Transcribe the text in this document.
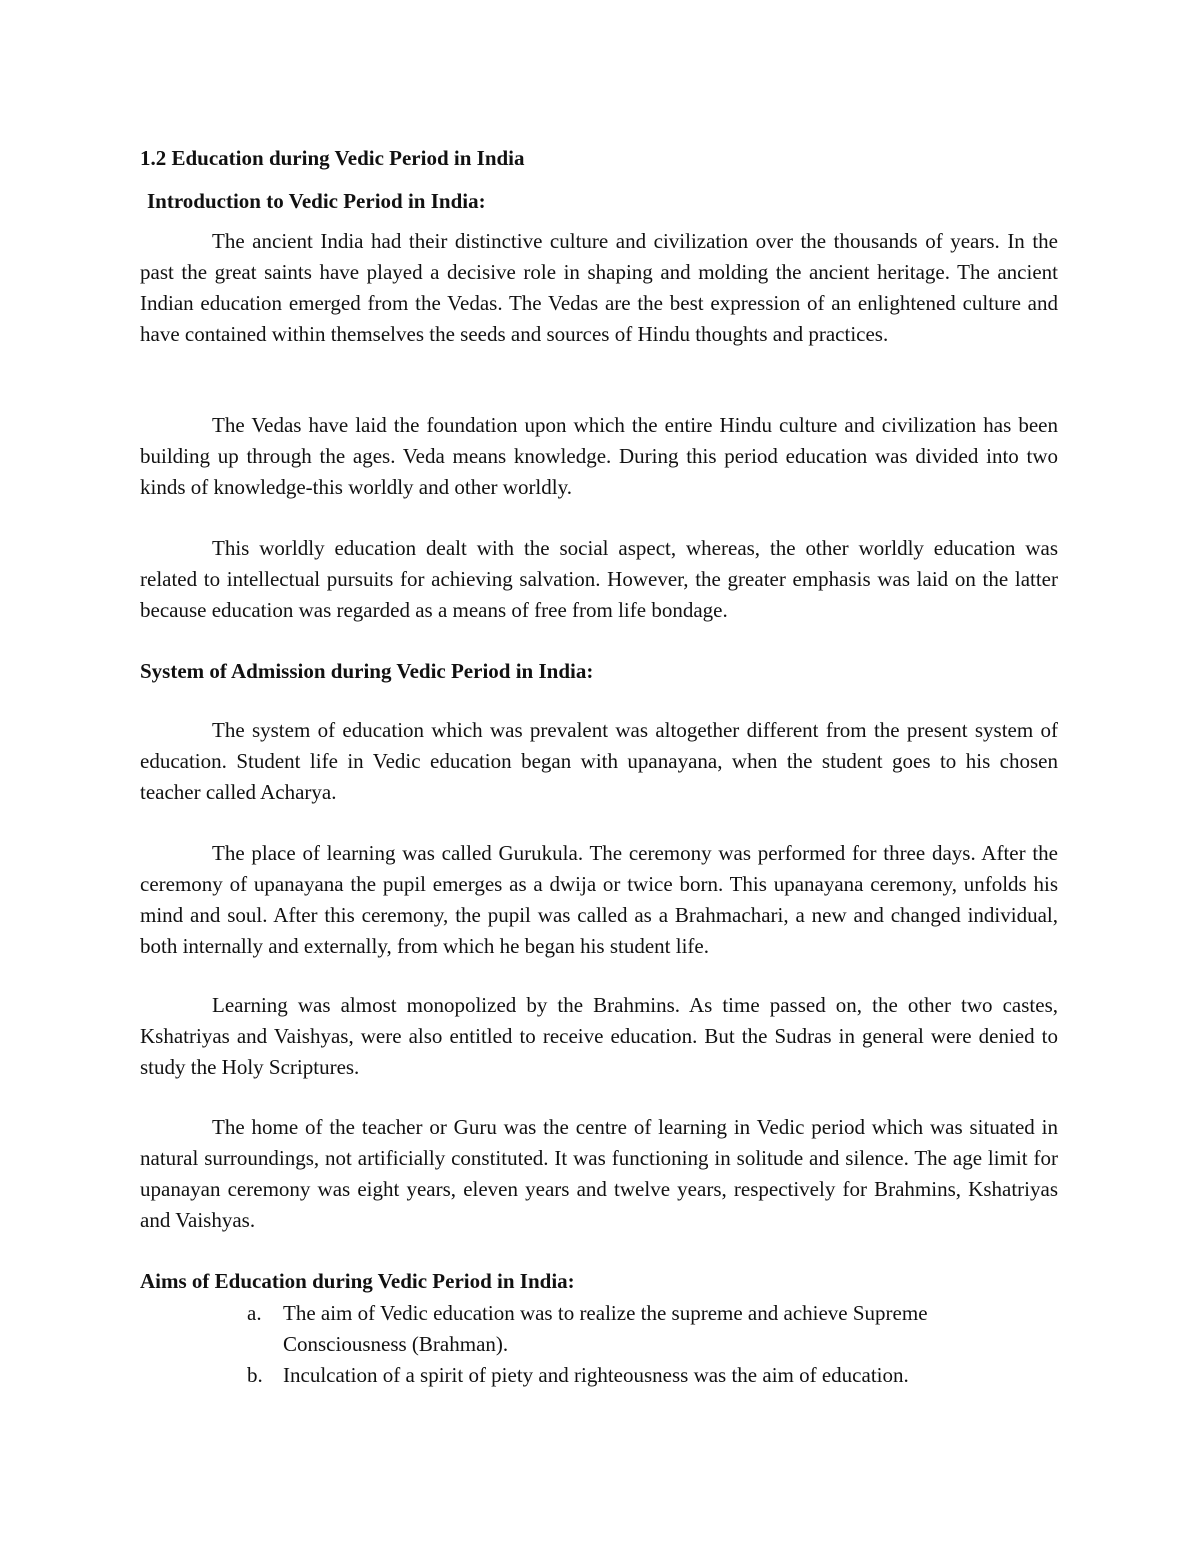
1.2 Education during Vedic Period in India
Introduction to Vedic Period in India:

The ancient India had their distinctive culture and civilization over the thousands of years. In the past the great saints have played a decisive role in shaping and molding the ancient heritage. The ancient Indian education emerged from the Vedas. The Vedas are the best expression of an enlightened culture and have contained within themselves the seeds and sources of Hindu thoughts and practices.

The Vedas have laid the foundation upon which the entire Hindu culture and civilization has been building up through the ages. Veda means knowledge. During this period education was divided into two kinds of knowledge-this worldly and other worldly.

This worldly education dealt with the social aspect, whereas, the other worldly education was related to intellectual pursuits for achieving salvation. However, the greater emphasis was laid on the latter because education was regarded as a means of free from life bondage.

System of Admission during Vedic Period in India:

The system of education which was prevalent was altogether different from the present system of education. Student life in Vedic education began with upanayana, when the student goes to his chosen teacher called Acharya.

The place of learning was called Gurukula. The ceremony was performed for three days. After the ceremony of upanayana the pupil emerges as a dwija or twice born. This upanayana ceremony, unfolds his mind and soul. After this ceremony, the pupil was called as a Brahmachari, a new and changed individual, both internally and externally, from which he began his student life.

Learning was almost monopolized by the Brahmins. As time passed on, the other two castes, Kshatriyas and Vaishyas, were also entitled to receive education. But the Sudras in general were denied to study the Holy Scriptures.

The home of the teacher or Guru was the centre of learning in Vedic period which was situated in natural surroundings, not artificially constituted. It was functioning in solitude and silence. The age limit for upanayan ceremony was eight years, eleven years and twelve years, respectively for Brahmins, Kshatriyas and Vaishyas.

Aims of Education during Vedic Period in India:
a. The aim of Vedic education was to realize the supreme and achieve Supreme Consciousness (Brahman).
b. Inculcation of a spirit of piety and righteousness was the aim of education.
